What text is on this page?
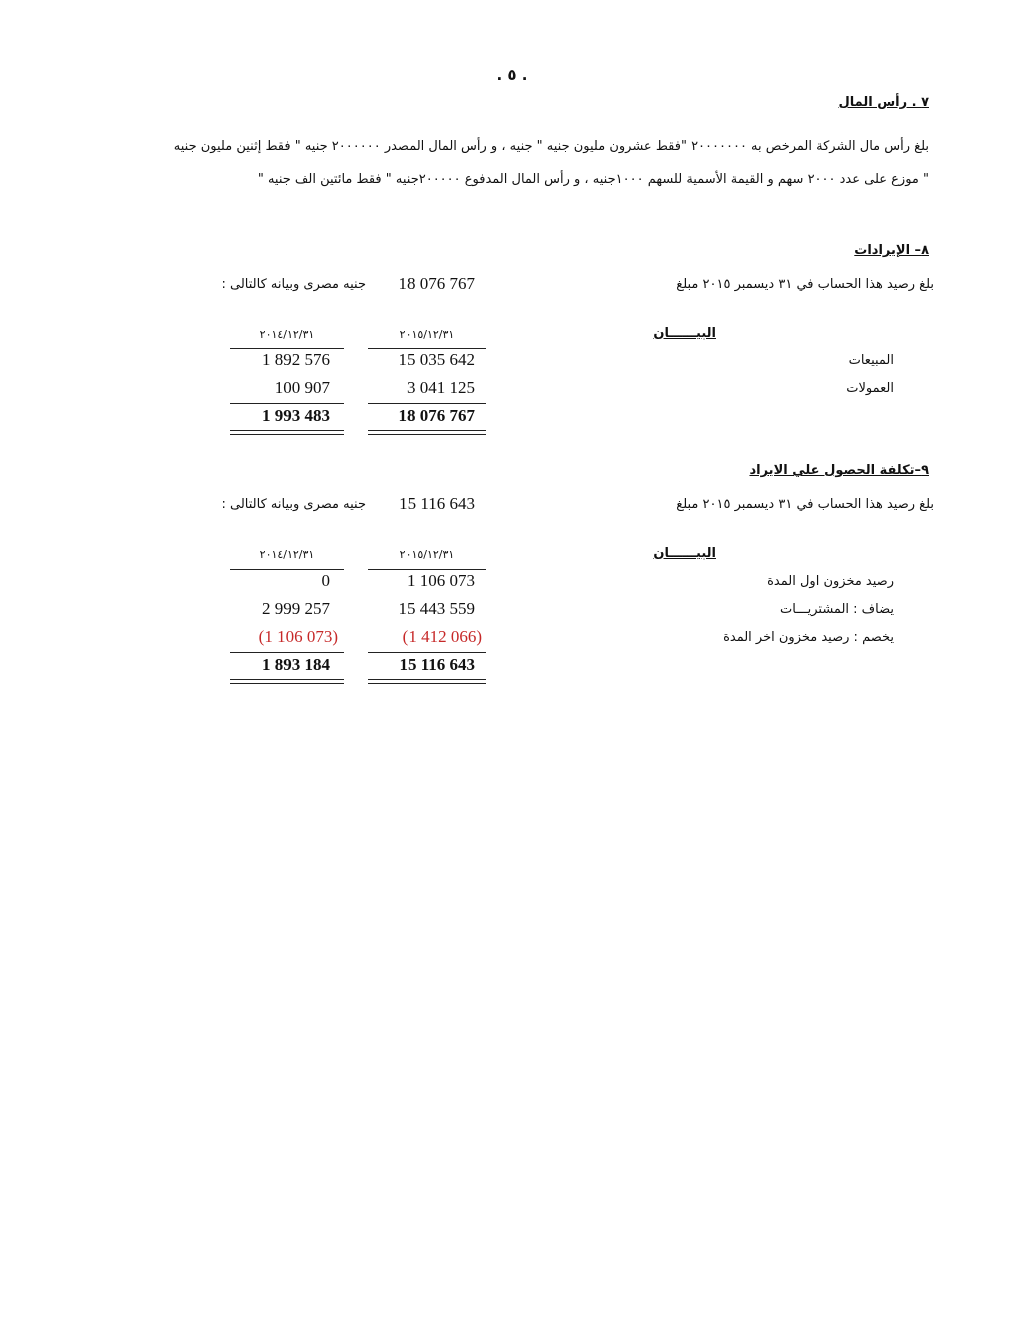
. ٥ .
٧ . رأس المال
بلغ رأس مال الشركة المرخص به ٢٠٠٠٠٠٠٠ "فقط عشرون مليون جنيه " جنيه ، و رأس المال المصدر ٢٠٠٠٠٠٠ جنيه " فقط إثنين مليون جنيه
" موزع على عدد ٢٠٠٠ سهم و القيمة الأسمية للسهم ١٠٠٠جنيه ، و رأس المال المدفوع ٢٠٠٠٠٠جنيه " فقط مائتين الف جنيه "
٨– الإيرادات
بلغ رصيد هذا الحساب في ٣١ ديسمبر ٢٠١٥ مبلغ
18 076 767
جنيه مصرى وبيانه كالتالى :
البيــــــان
٢٠١٥/١٢/٣١
٢٠١٤/١٢/٣١
المبيعات
15 035 642
1 892 576
العمولات
3 041 125
100 907
18 076 767
1 993 483
٩–تكلفة الحصول علي الايراد
بلغ رصيد هذا الحساب في ٣١ ديسمبر ٢٠١٥ مبلغ
15 116 643
جنيه مصرى وبيانه كالتالى :
البيــــــان
٢٠١٥/١٢/٣١
٢٠١٤/١٢/٣١
رصيد مخزون اول المدة
1 106 073
0
يضاف : المشتريـــات
15 443 559
2 999 257
يخصم : رصيد مخزون اخر المدة
(1 412 066)
(1 106 073)
15 116 643
1 893 184
